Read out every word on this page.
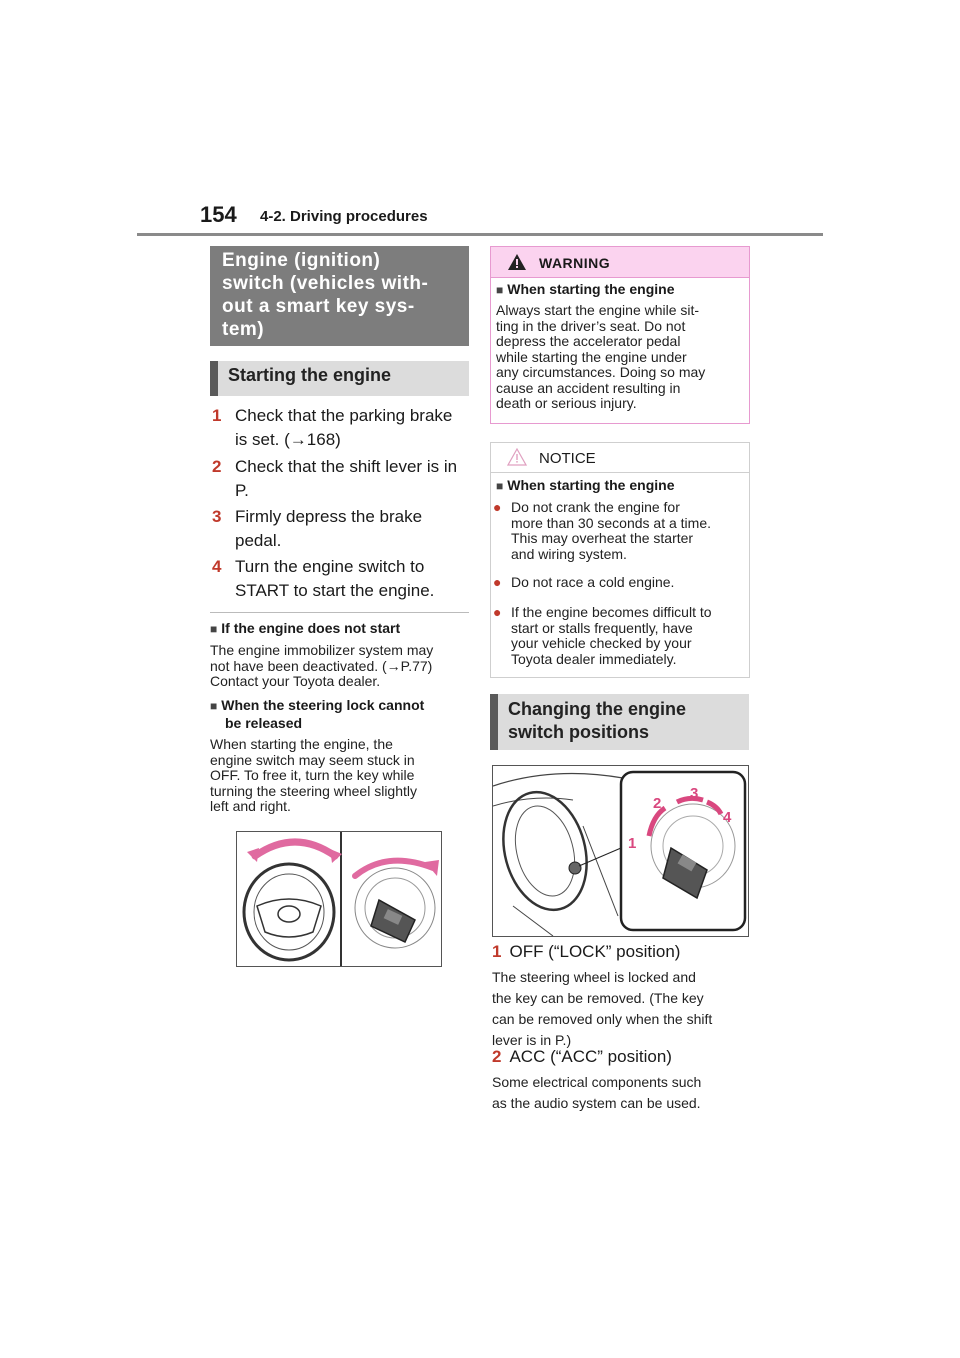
154 4-2. Driving procedures
Engine (ignition)
switch (vehicles with-
out a smart key sys-
tem)
Starting the engine
1 Check that the parking brake
is set. (→168)
2 Check that the shift lever is in
P.
3 Firmly depress the brake
pedal.
4 Turn the engine switch to
START to start the engine.
■ If the engine does not start
The engine immobilizer system may
not have been deactivated. (→P.77)
Contact your Toyota dealer.
■ When the steering lock cannot
be released
When starting the engine, the
engine switch may seem stuck in
OFF. To free it, turn the key while
turning the steering wheel slightly
left and right.
WARNING
■ When starting the engine
Always start the engine while sit-
ting in the driver’s seat. Do not
depress the accelerator pedal
while starting the engine under
any circumstances. Doing so may
cause an accident resulting in
death or serious injury.
NOTICE
■ When starting the engine
● Do not crank the engine for
more than 30 seconds at a time.
This may overheat the starter
and wiring system.
● Do not race a cold engine.
● If the engine becomes difficult to
start or stalls frequently, have
your vehicle checked by your
Toyota dealer immediately.
Changing the engine
switch positions
1
2
3
4
1 OFF (“LOCK” position)
The steering wheel is locked and
the key can be removed. (The key
can be removed only when the shift
lever is in P.)
2 ACC (“ACC” position)
Some electrical components such
as the audio system can be used.
